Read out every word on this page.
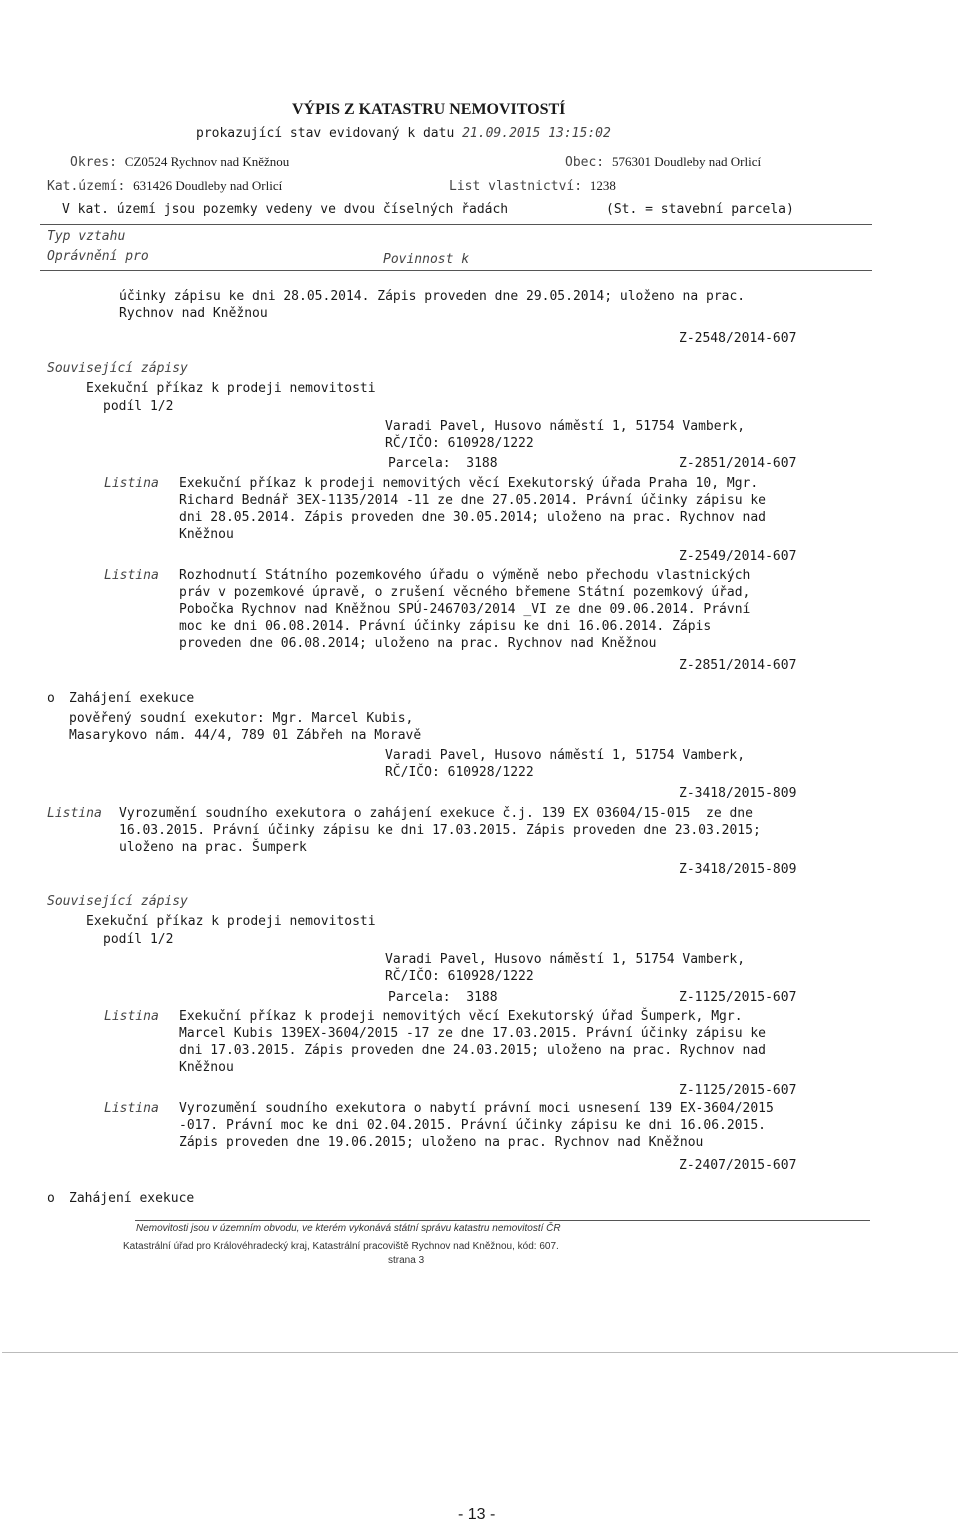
VÝPIS Z KATASTRU NEMOVITOSTÍ
prokazující stav evidovaný k datu 21.09.2015 13:15:02
Okres: CZ0524 Rychnov nad Kněžnou	Obec: 576301 Doudleby nad Orlicí
Kat.území: 631426 Doudleby nad Orlicí	List vlastnictví: 1238
V kat. území jsou pozemky vedeny ve dvou číselných řadách	(St. = stavební parcela)
Typ vztahu
Oprávnění pro	Povinnost k

účinky zápisu ke dni 28.05.2014. Zápis proveden dne 29.05.2014; uloženo na prac.

Rychnov nad Kněžnou

Z-2548/2014-607
Související zápisy
Exekuční příkaz k prodeji nemovitosti
podíl 1/2

Varadi Pavel, Husovo náměstí 1, 51754 Vamberk,

RČ/IČO: 610928/1222

Parcela: 3188	Z-2851/2014-607
Listina Exekuční příkaz k prodeji nemovitých věcí Exekutorský úřada Praha 10, Mgr.

Richard Bednář 3EX-1135/2014 -11 ze dne 27.05.2014. Právní účinky zápisu ke

dni 28.05.2014. Zápis proveden dne 30.05.2014; uloženo na prac. Rychnov nad

Kněžnou

Z-2549/2014-607
Listina Rozhodnutí Státního pozemkového úřadu o výměně nebo přechodu vlastnických

práv v pozemkové úpravě, o zrušení věcného břemene Státní pozemkový úřad,

Pobočka Rychnov nad Kněžnou SPÚ-246703/2014 _VI ze dne 09.06.2014. Právní

moc ke dni 06.08.2014. Právní účinky zápisu ke dni 16.06.2014. Zápis

proveden dne 06.08.2014; uloženo na prac. Rychnov nad Kněžnou

Z-2851/2014-607
o Zahájení exekuce

pověřený soudní exekutor: Mgr. Marcel Kubis,

Masarykovo nám. 44/4, 789 01 Zábřeh na Moravě

Varadi Pavel, Husovo náměstí 1, 51754 Vamberk,

RČ/IČO: 610928/1222

Z-3418/2015-809
Listina Vyrozumění soudního exekutora o zahájení exekuce č.j. 139 EX 03604/15-015  ze dne

16.03.2015. Právní účinky zápisu ke dni 17.03.2015. Zápis proveden dne 23.03.2015;

uloženo na prac. Šumperk

Z-3418/2015-809
Související zápisy
Exekuční příkaz k prodeji nemovitosti
podíl 1/2

Varadi Pavel, Husovo náměstí 1, 51754 Vamberk,

RČ/IČO: 610928/1222

Parcela: 3188	Z-1125/2015-607
Listina Exekuční příkaz k prodeji nemovitých věcí Exekutorský úřad Šumperk, Mgr.

Marcel Kubis 139EX-3604/2015 -17 ze dne 17.03.2015. Právní účinky zápisu ke

dni 17.03.2015. Zápis proveden dne 24.03.2015; uloženo na prac. Rychnov nad

Kněžnou

Z-1125/2015-607
Listina Vyrozumění soudního exekutora o nabytí právní moci usnesení 139 EX-3604/2015

-017. Právní moc ke dni 02.04.2015. Právní účinky zápisu ke dni 16.06.2015.

Zápis proveden dne 19.06.2015; uloženo na prac. Rychnov nad Kněžnou

Z-2407/2015-607
o Zahájení exekuce
Nemovitosti jsou v územním obvodu, ve kterém vykonává státní správu katastru nemovitostí ČR
Katastrální úřad pro Královéhradecký kraj, Katastrální pracoviště Rychnov nad Kněžnou, kód: 607.
strana 3
- 13 -
